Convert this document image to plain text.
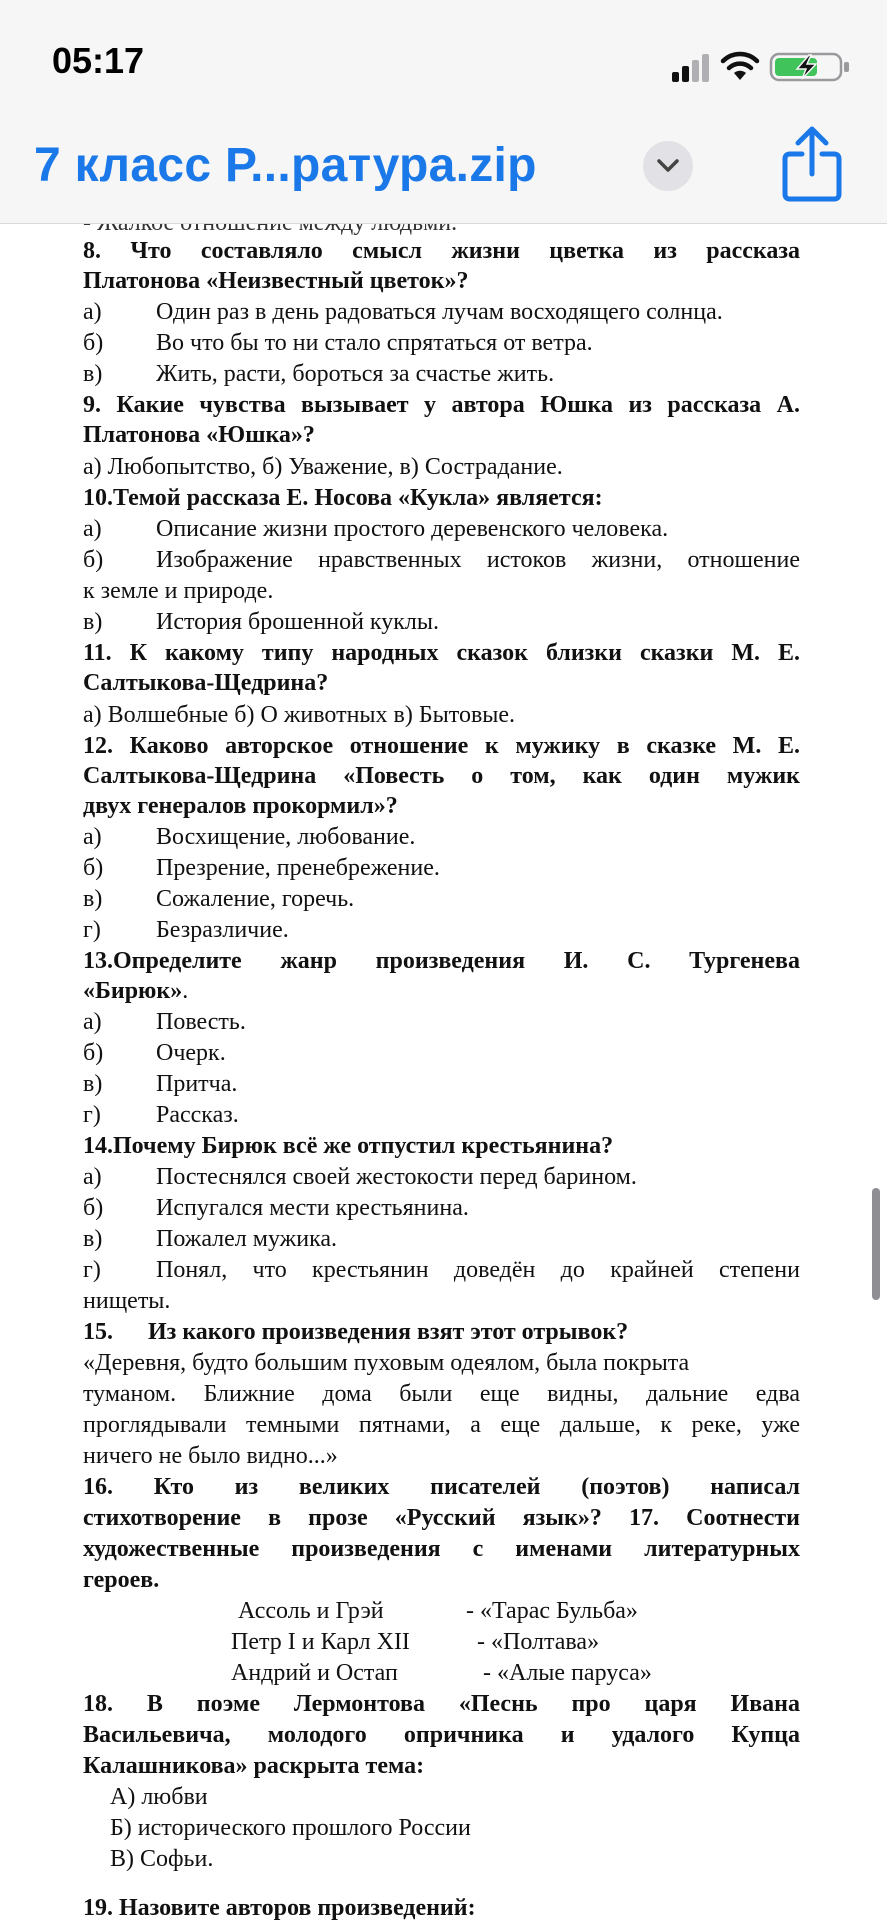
05:17
7 класс Р...ратура.zip
8. Что составляло смысл жизни цветка из рассказа
Платонова «Неизвестный цветок»?
а) Один раз в день радоваться лучам восходящего солнца.
б) Во что бы то ни стало спрятаться от ветра.
в) Жить, расти, бороться за счастье жить.
9. Какие чувства вызывает у автора Юшка из рассказа А.
Платонова «Юшка»?
а) Любопытство, б) Уважение, в) Сострадание.
10.Темой рассказа Е. Носова «Кукла» является:
а) Описание жизни простого деревенского человека.
б) Изображение нравственных истоков жизни, отношение
к земле и природе.
в) История брошенной куклы.
11. К какому типу народных сказок близки сказки М. Е.
Салтыкова-Щедрина?
а) Волшебные б) О животных в) Бытовые.
12. Каково авторское отношение к мужику в сказке М. Е.
Салтыкова-Щедрина «Повесть о том, как один мужик
двух генералов прокормил»?
а) Восхищение, любование.
б) Презрение, пренебрежение.
в) Сожаление, горечь.
г) Безразличие.
13.Определите жанр произведения И. С. Тургенева
«Бирюк».
а) Повесть.
б) Очерк.
в) Притча.
г) Рассказ.
14.Почему Бирюк всё же отпустил крестьянина?
а) Постеснялся своей жестокости перед барином.
б) Испугался мести крестьянина.
в) Пожалел мужика.
г) Понял, что крестьянин доведён до крайней степени
нищеты.
15. Из какого произведения взят этот отрывок?
«Деревня, будто большим пуховым одеялом, была покрыта
туманом. Ближние дома были еще видны, дальние едва
проглядывали темными пятнами, а еще дальше, к реке, уже
ничего не было видно...»
16. Кто из великих писателей (поэтов) написал
стихотворение в прозе «Русский язык»? 17. Соотнести
художественные произведения с именами литературных
героев.
Ассоль и Грэй	- «Тарас Бульба»
Петр I и Карл XII	- «Полтава»
Андрий и Остап	- «Алые паруса»
18. В поэме Лермонтова «Песнь про царя Ивана
Васильевича, молодого опричника и удалого Купца
Калашникова» раскрыта тема:
А) любви
Б) исторического прошлого России
В) Софьи.
19. Назовите авторов произведений:
